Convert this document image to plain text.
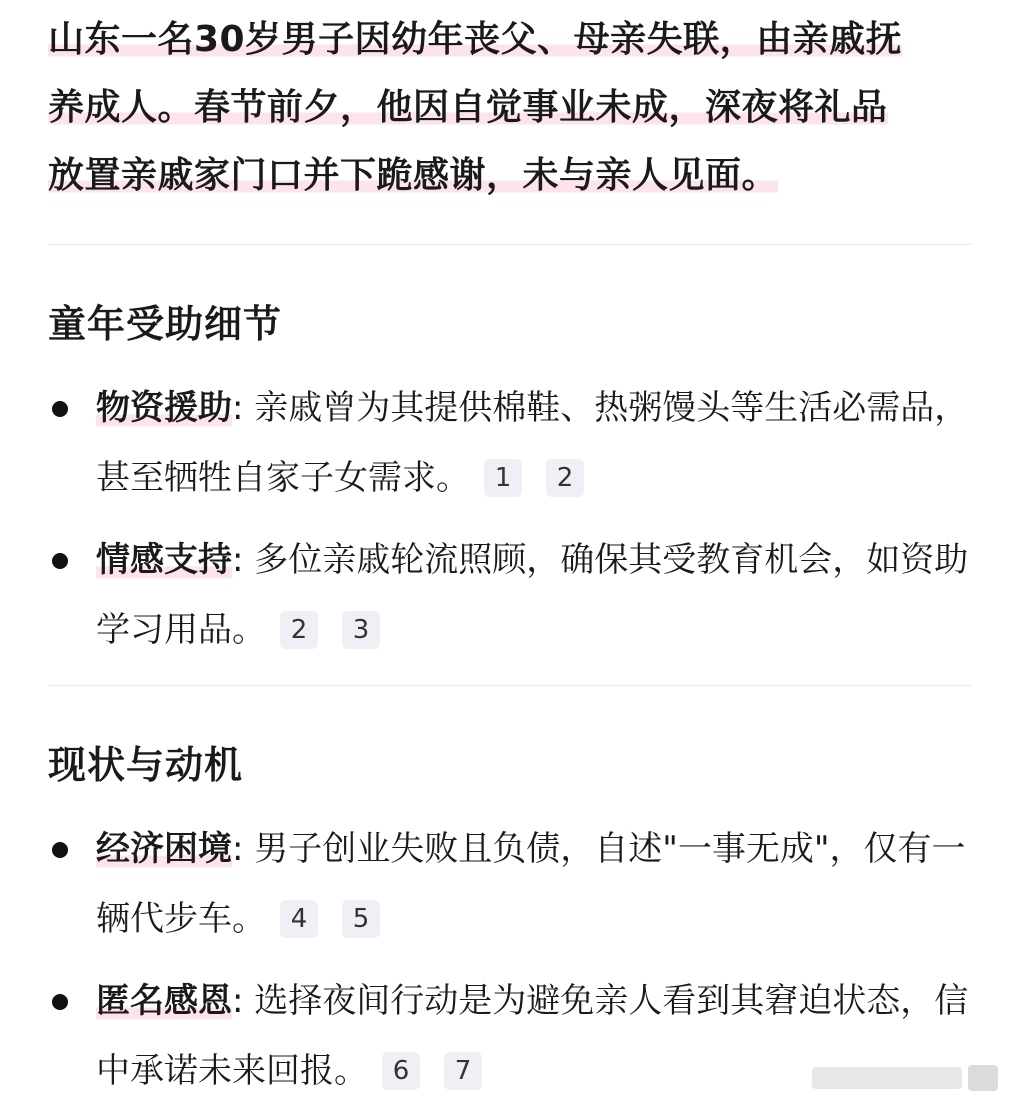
山东一名30岁男子因幼年丧父、母亲失联，由亲戚抚
养成人。春节前夕，他因自觉事业未成，深夜将礼品
放置亲戚家门口并下跪感谢，未与亲人见面。
童年受助细节
物资援助: 亲戚曾为其提供棉鞋、热粥馒头等生活必需品，甚至牺牲自家子女需求。 1 2
情感支持: 多位亲戚轮流照顾，确保其受教育机会，如资助学习用品。 2 3
现状与动机
经济困境: 男子创业失败且负债，自述"一事无成"，仅有一辆代步车。 4 5
匿名感恩: 选择夜间行动是为避免亲人看到其窘迫状态，信中承诺未来回报。 6 7
